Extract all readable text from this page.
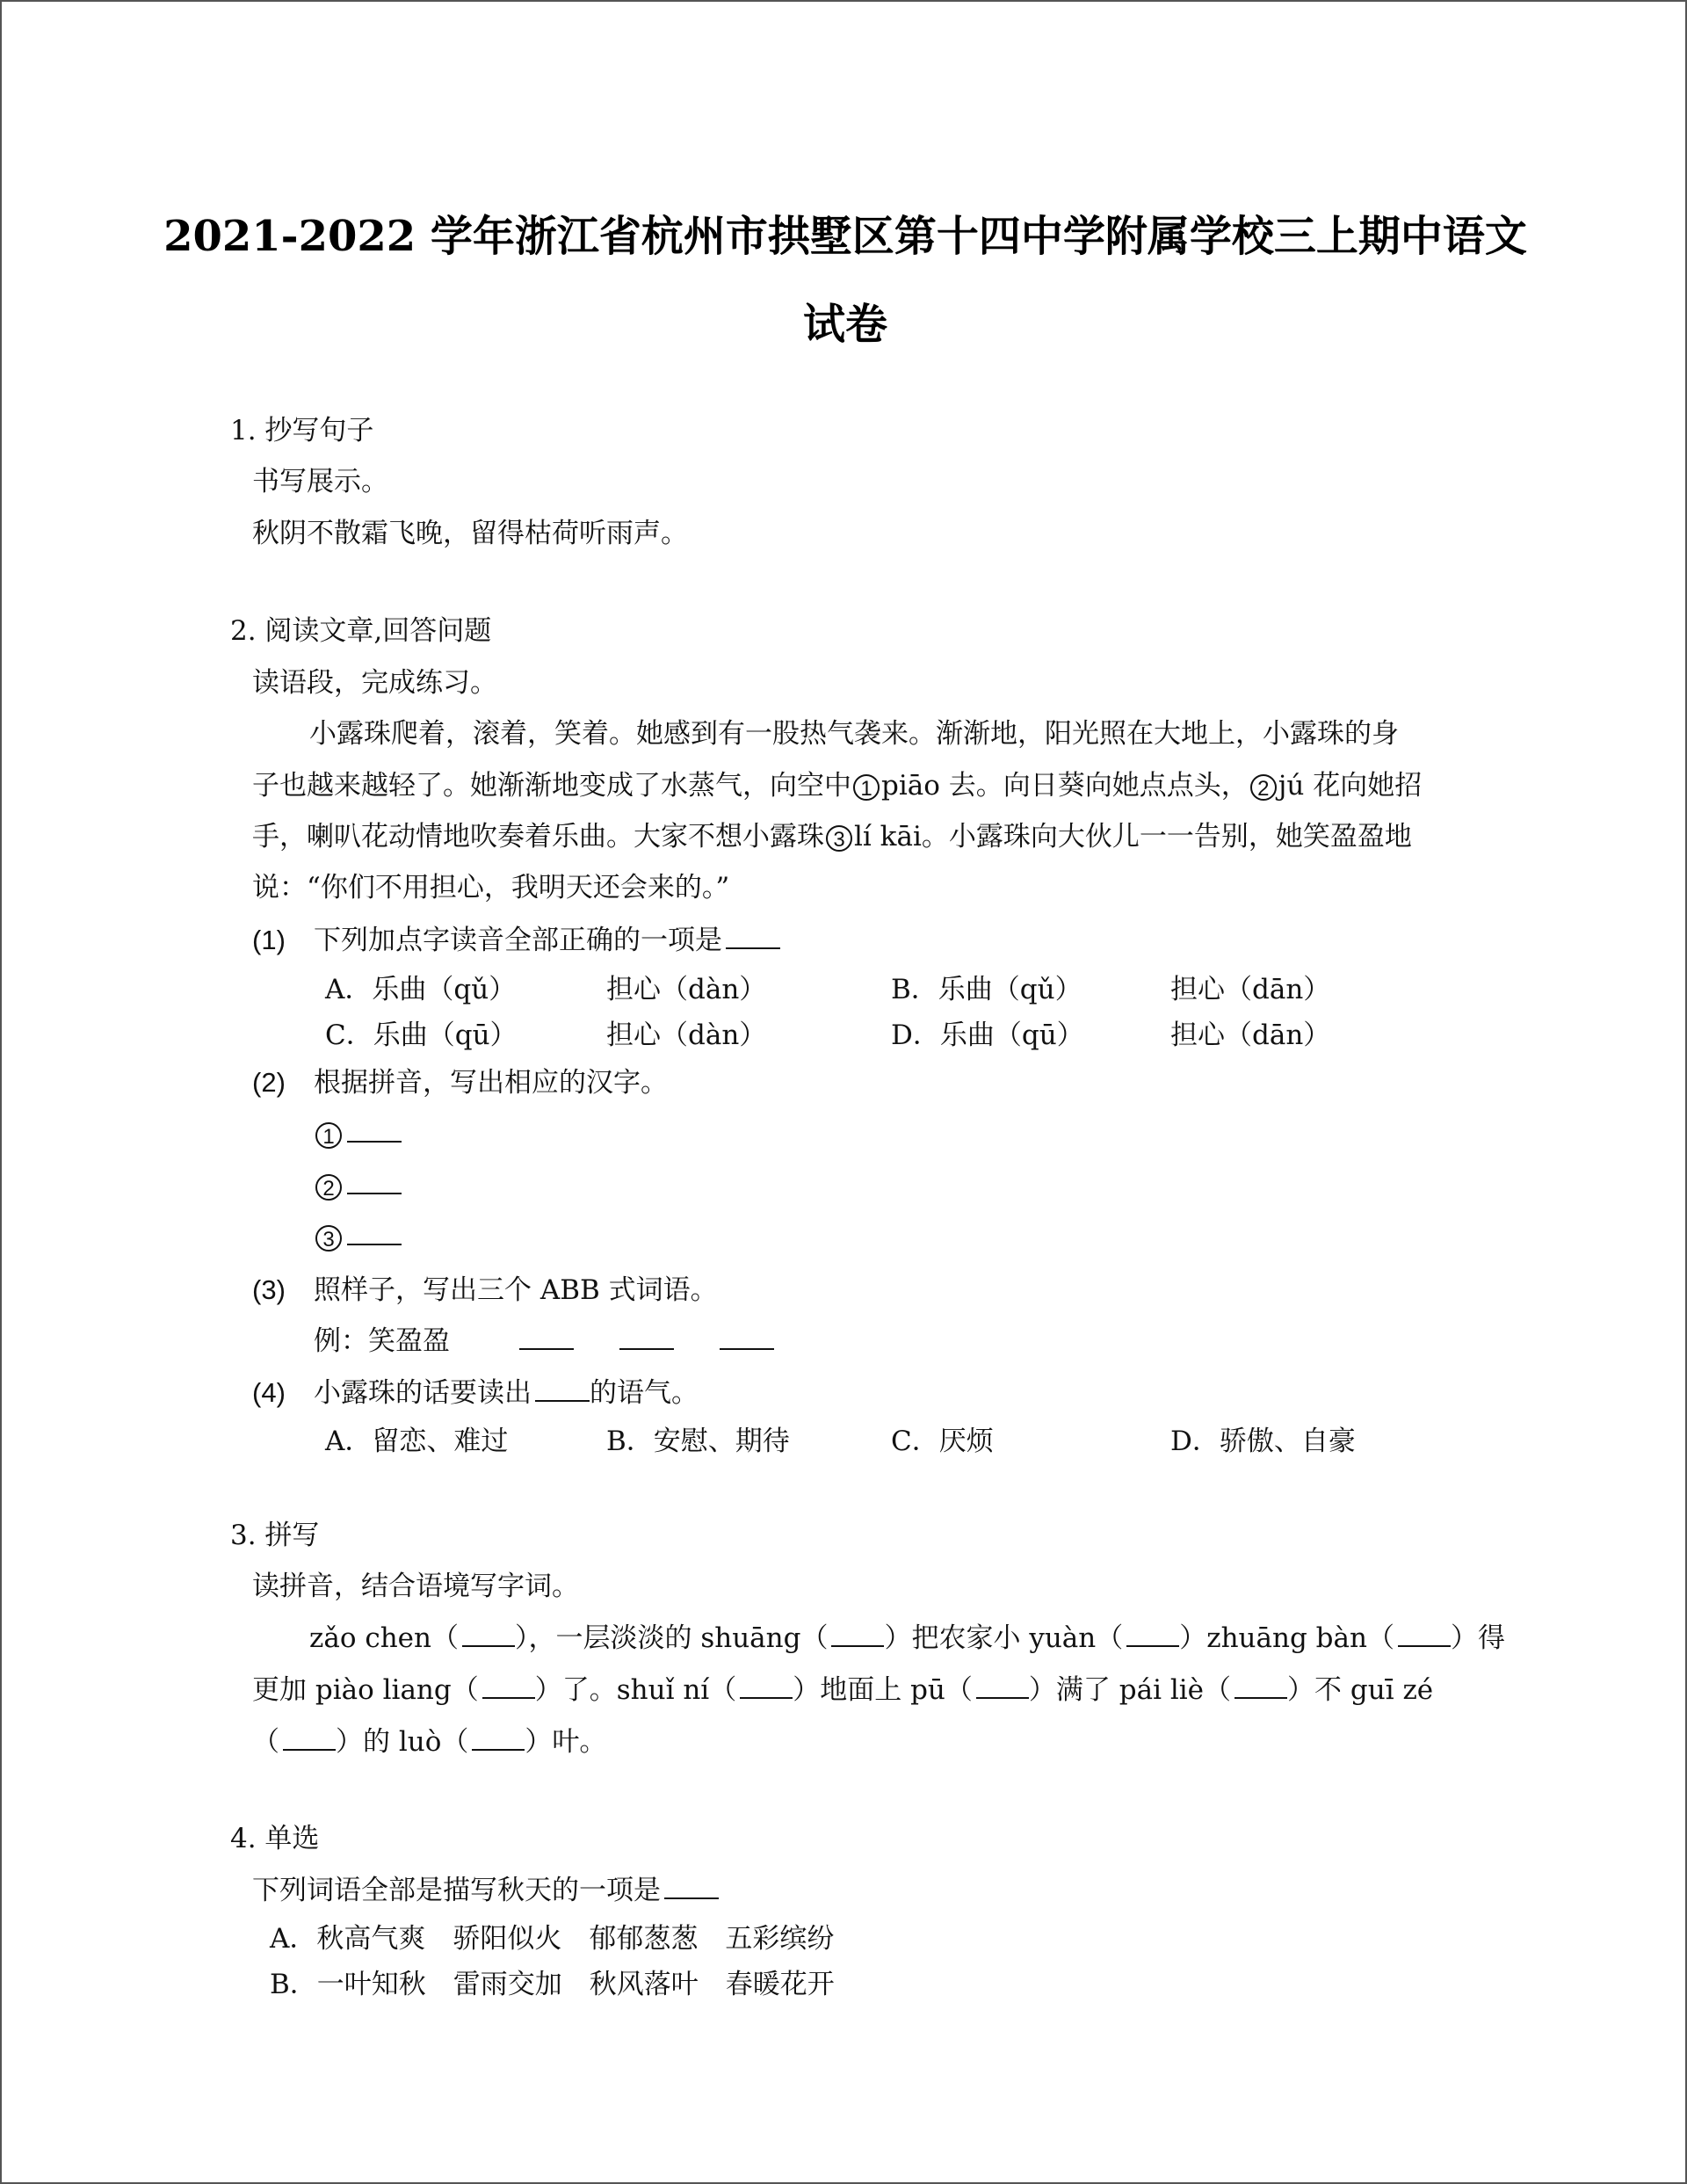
2021-2022 学年浙江省杭州市拱墅区第十四中学附属学校三上期中语文
试卷
1. 抄写句子
书写展示。
秋阴不散霜飞晚，留得枯荷听雨声。
2. 阅读文章,回答问题
读语段，完成练习。
小露珠爬着，滚着，笑着。她感到有一股热气袭来。渐渐地，阳光照在大地上，小露珠的身
子也越来越轻了。她渐渐地变成了水蒸气，向空中 1 piāo 去。向日葵向她点点头， 2 jú 花向她招
手，喇叭花动情地吹奏着乐曲。大家不想小露珠 3 lí kāi。小露珠向大伙儿一一告别，她笑盈盈地
说：“你们不用担心，我明天还会来的。”
(1) 下列加点字读音全部正确的一项是
A．乐曲（qǔ）	担心（dàn）	B．乐曲（qǔ）	担心（dān）
C．乐曲（qū）	担心（dàn）	D．乐曲（qū）	担心（dān）
(2) 根据拼音，写出相应的汉字。
1
2
3
(3) 照样子，写出三个 ABB 式词语。
例：笑盈盈
(4) 小露珠的话要读出 的语气。
A．留恋、难过	B．安慰、期待	C．厌烦	D．骄傲、自豪
3. 拼写
读拼音，结合语境写字词。
zǎo chen（ ），一层淡淡的 shuāng（ ）把农家小 yuàn（ ）zhuāng bàn（ ）得
更加 piào liang（ ）了。shuǐ ní（ ）地面上 pū（ ）满了 pái liè（ ）不 guī zé
（ ）的 luò（ ）叶。
4. 单选
下列词语全部是描写秋天的一项是
A．秋高气爽　骄阳似火　郁郁葱葱　五彩缤纷
B．一叶知秋　雷雨交加　秋风落叶　春暖花开
